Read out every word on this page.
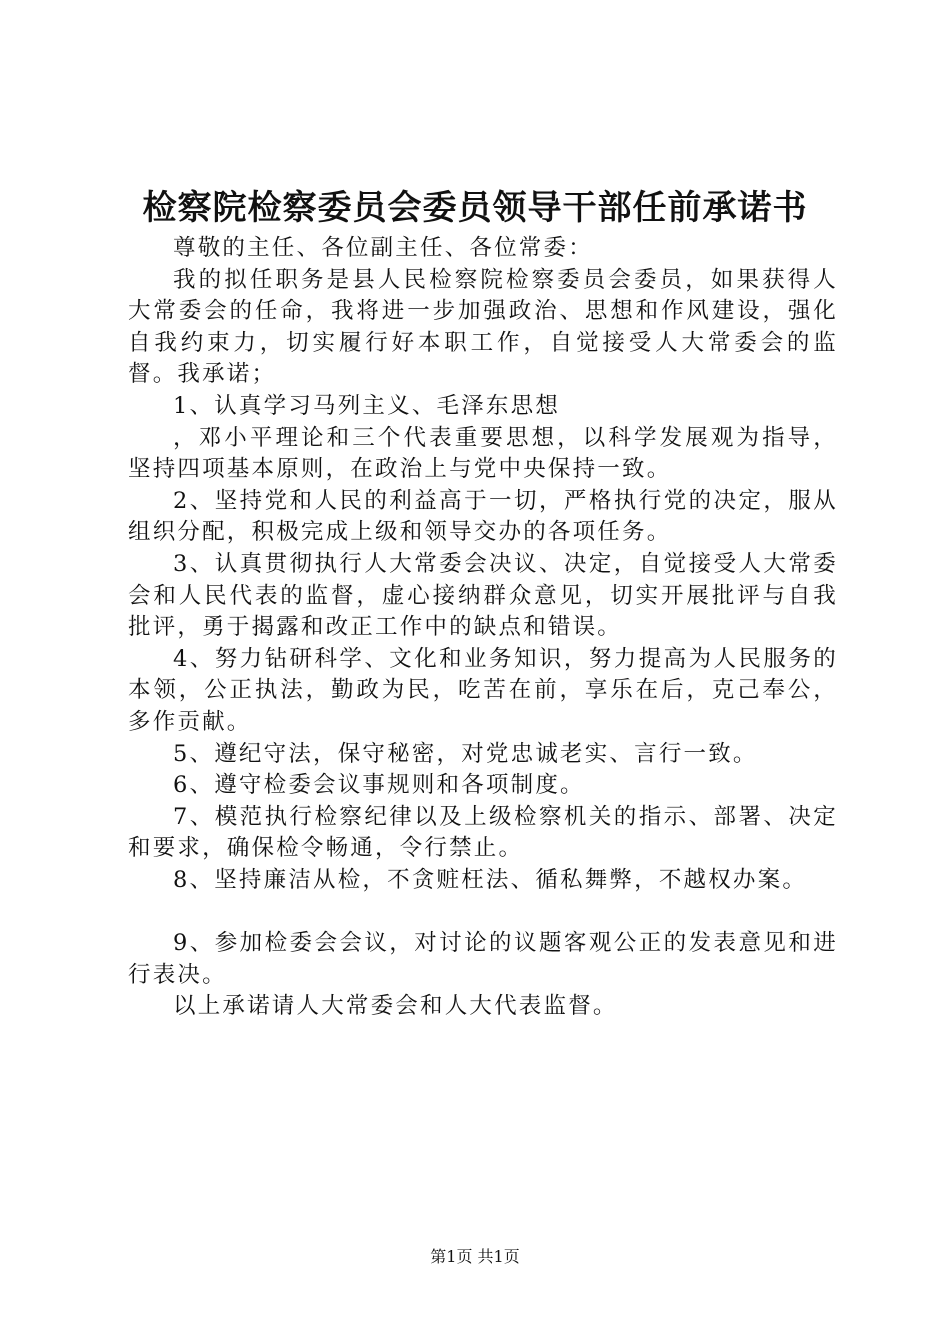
检察院检察委员会委员领导干部任前承诺书

尊敬的主任、各位副主任、各位常委：

我的拟任职务是县人民检察院检察委员会委员，如果获得人大常委会的任命，我将进一步加强政治、思想和作风建设，强化自我约束力，切实履行好本职工作，自觉接受人大常委会的监督。我承诺；

1、认真学习马列主义、毛泽东思想

，邓小平理论和三个代表重要思想，以科学发展观为指导，坚持四项基本原则，在政治上与党中央保持一致。

2、坚持党和人民的利益高于一切，严格执行党的决定，服从组织分配，积极完成上级和领导交办的各项任务。

3、认真贯彻执行人大常委会决议、决定，自觉接受人大常委会和人民代表的监督，虚心接纳群众意见，切实开展批评与自我批评，勇于揭露和改正工作中的缺点和错误。

4、努力钻研科学、文化和业务知识，努力提高为人民服务的本领，公正执法，勤政为民，吃苦在前，享乐在后，克己奉公，多作贡献。

5、遵纪守法，保守秘密，对党忠诚老实、言行一致。

6、遵守检委会议事规则和各项制度。

7、模范执行检察纪律以及上级检察机关的指示、部署、决定和要求，确保检令畅通，令行禁止。

8、坚持廉洁从检，不贪赃枉法、循私舞弊，不越权办案。

9、参加检委会会议，对讨论的议题客观公正的发表意见和进行表决。

以上承诺请人大常委会和人大代表监督。

第1页 共1页
